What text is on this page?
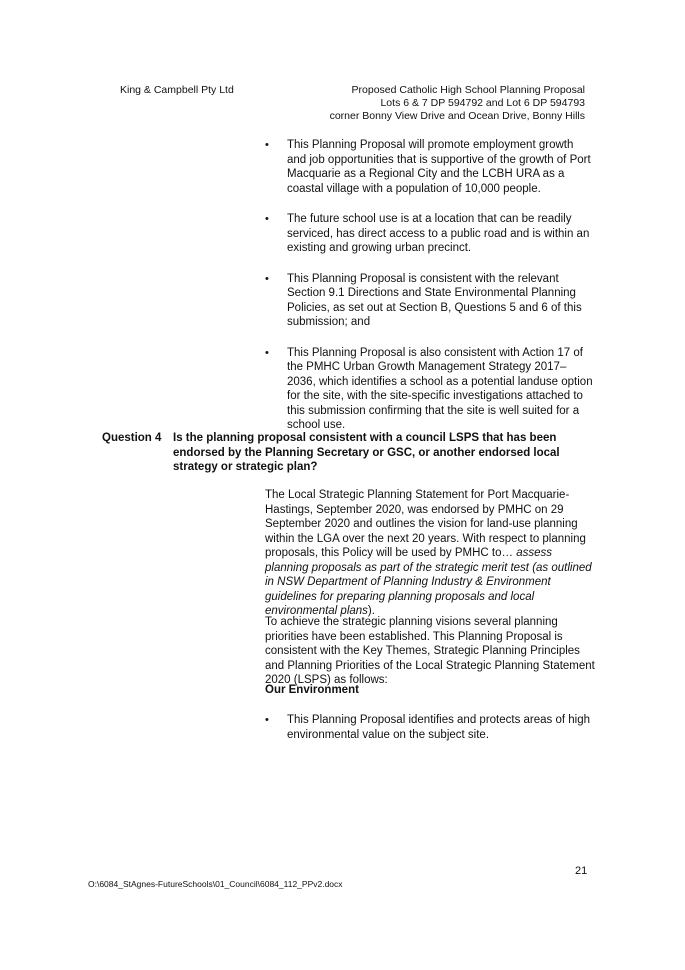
King & Campbell Pty Ltd	Proposed Catholic High School Planning Proposal
Lots 6 & 7 DP 594792 and Lot 6 DP 594793
corner Bonny View Drive and Ocean Drive, Bonny Hills
• This Planning Proposal will promote employment growth and job opportunities that is supportive of the growth of Port Macquarie as a Regional City and the LCBH URA as a coastal village with a population of 10,000 people.
• The future school use is at a location that can be readily serviced, has direct access to a public road and is within an existing and growing urban precinct.
• This Planning Proposal is consistent with the relevant Section 9.1 Directions and State Environmental Planning Policies, as set out at Section B, Questions 5 and 6 of this submission; and
• This Planning Proposal is also consistent with Action 17 of the PMHC Urban Growth Management Strategy 2017–2036, which identifies a school as a potential landuse option for the site, with the site-specific investigations attached to this submission confirming that the site is well suited for a school use.
Question 4 Is the planning proposal consistent with a council LSPS that has been endorsed by the Planning Secretary or GSC, or another endorsed local strategy or strategic plan?

The Local Strategic Planning Statement for Port Macquarie-Hastings, September 2020, was endorsed by PMHC on 29 September 2020 and outlines the vision for land-use planning within the LGA over the next 20 years. With respect to planning proposals, this Policy will be used by PMHC to… assess planning proposals as part of the strategic merit test (as outlined in NSW Department of Planning Industry & Environment guidelines for preparing planning proposals and local environmental plans).

To achieve the strategic planning visions several planning priorities have been established. This Planning Proposal is consistent with the Key Themes, Strategic Planning Principles and Planning Priorities of the Local Strategic Planning Statement 2020 (LSPS) as follows:

Our Environment

• This Planning Proposal identifies and protects areas of high environmental value on the subject site.
21
O:\6084_StAgnes-FutureSchools\01_Council\6084_112_PPv2.docx
